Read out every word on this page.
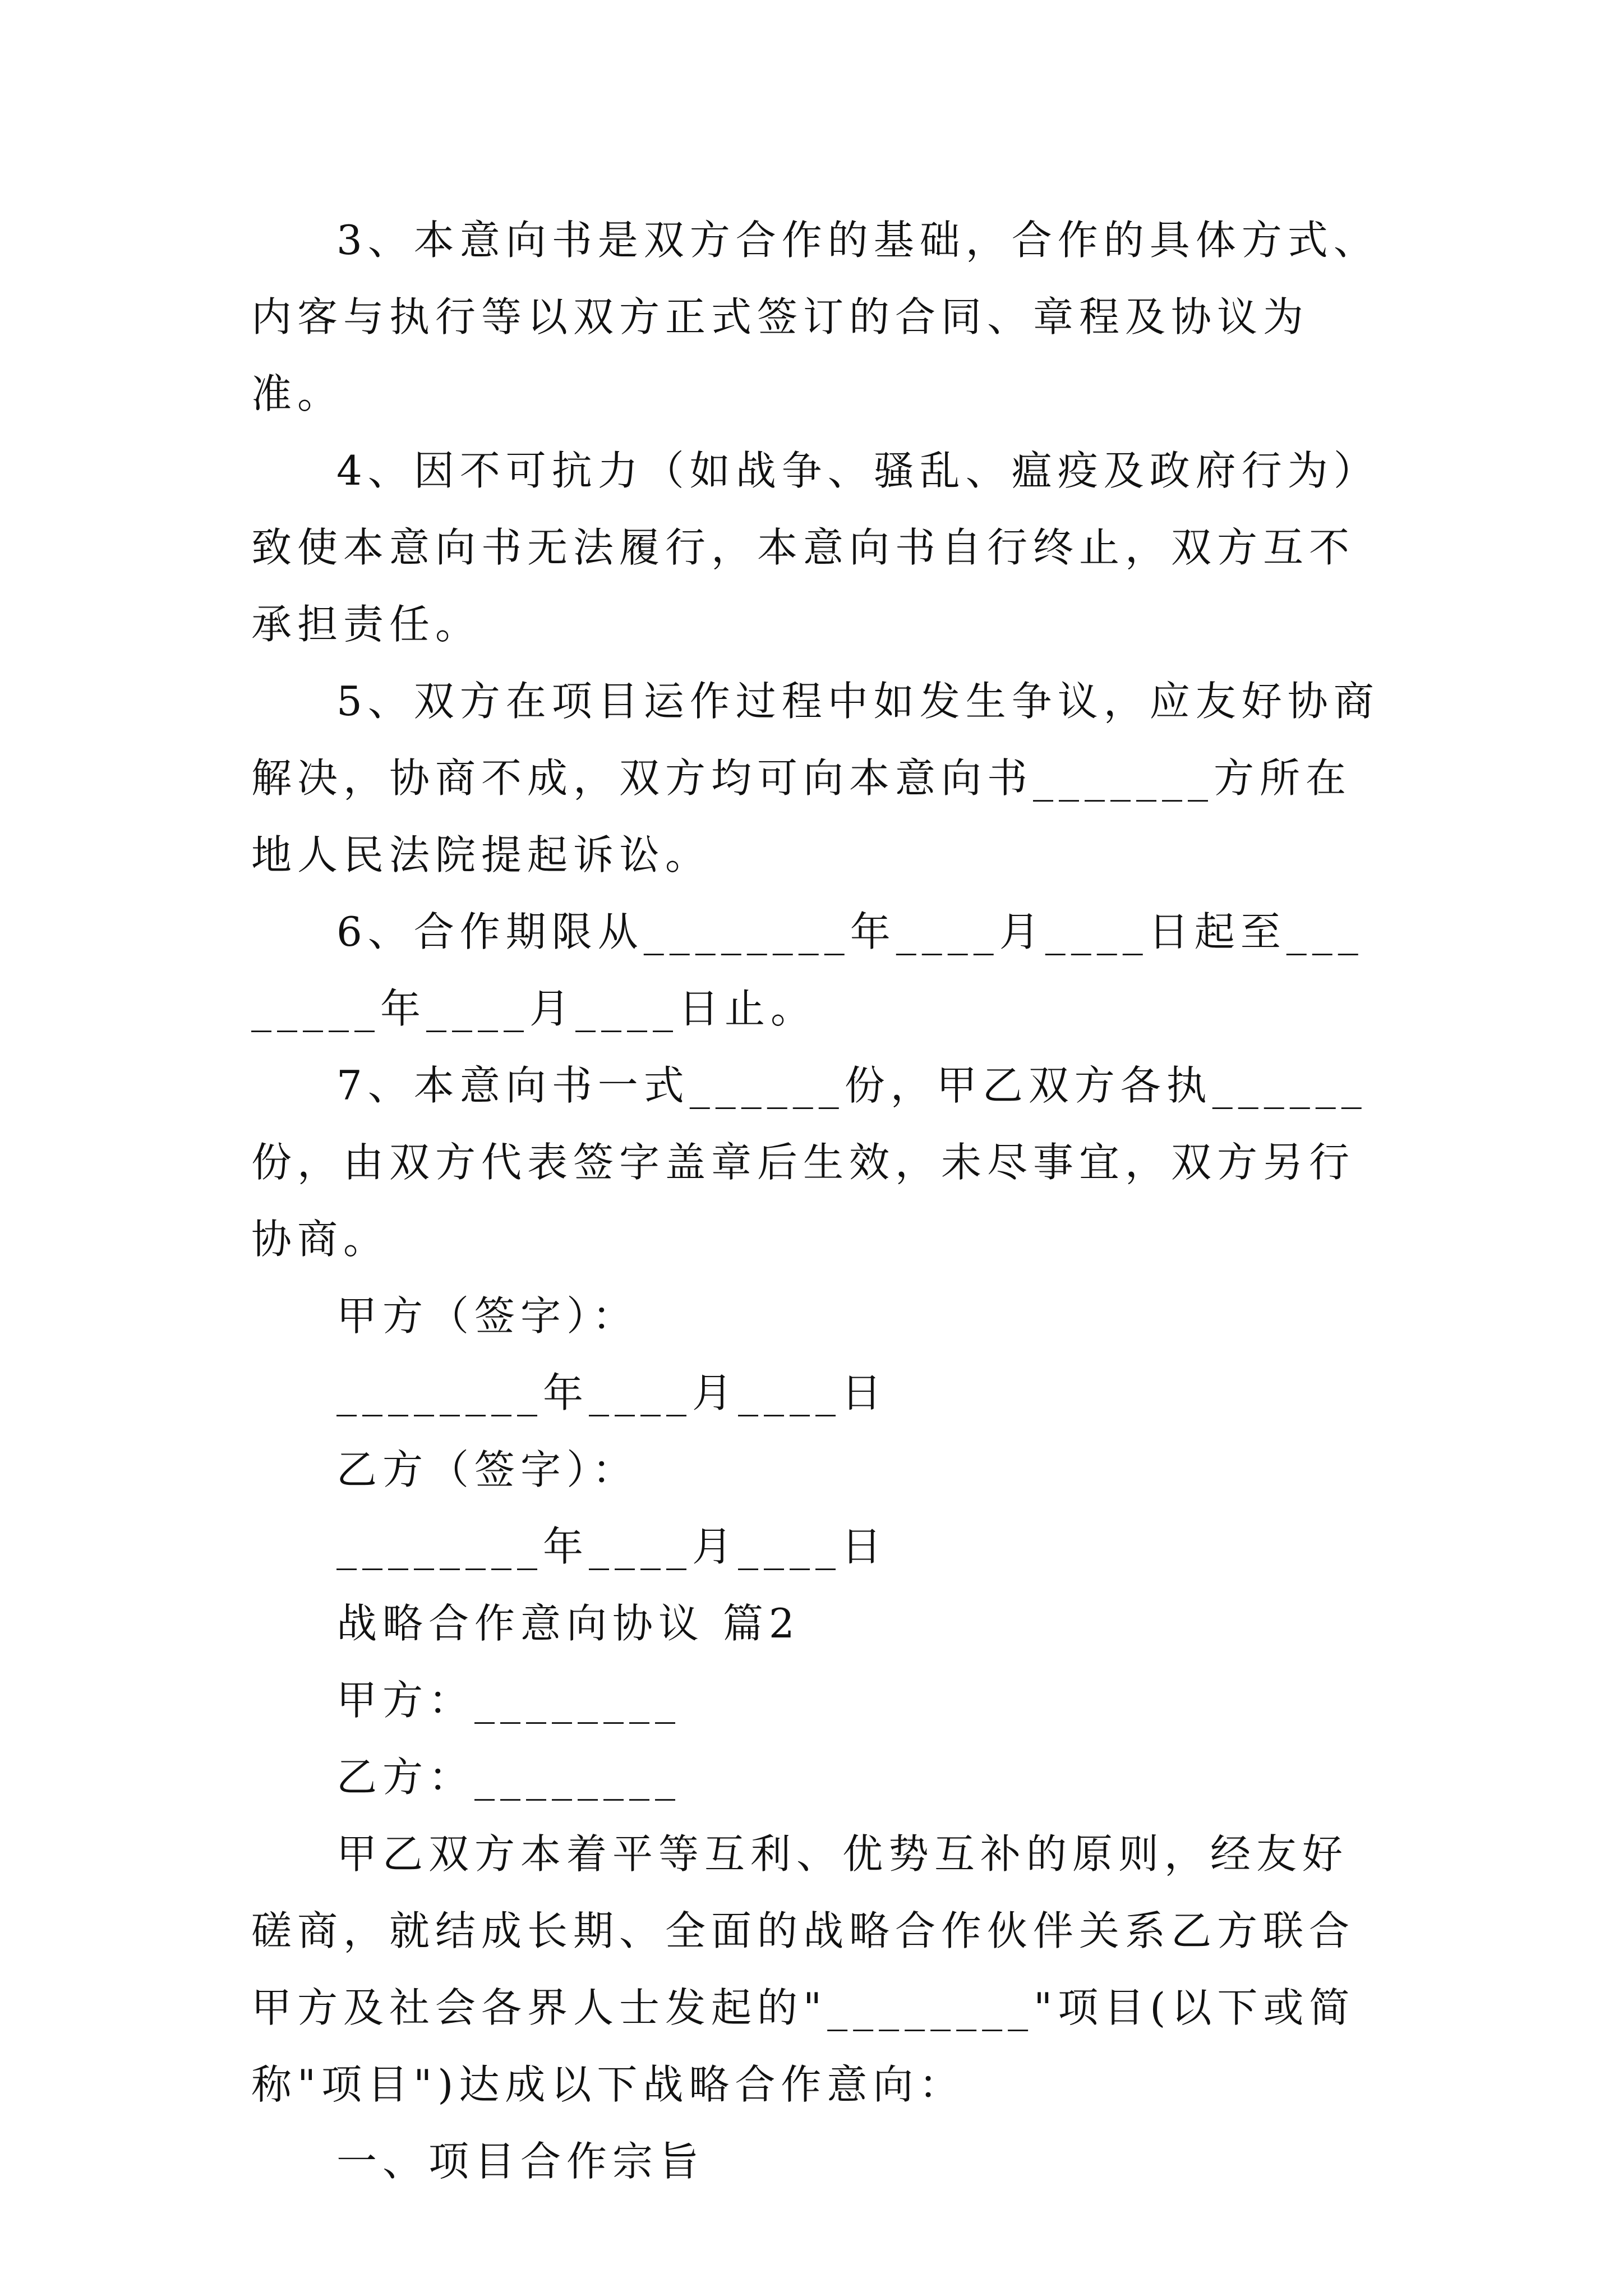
3、本意向书是双方合作的基础，合作的具体方式、内客与执行等以双方正式签订的合同、章程及协议为准。

4、因不可抗力（如战争、骚乱、瘟疫及政府行为）致使本意向书无法履行，本意向书自行终止，双方互不承担责任。

5、双方在项目运作过程中如发生争议，应友好协商解决，协商不成，双方均可向本意向书_______方所在地人民法院提起诉讼。

6、合作期限从________年____月____日起至________年____月____日止。

7、本意向书一式______份，甲乙双方各执______份，由双方代表签字盖章后生效，未尽事宜，双方另行协商。

甲方（签字）：

________年____月____日

乙方（签字）：

________年____月____日

战略合作意向协议 篇2

甲方：________

乙方：________

甲乙双方本着平等互利、优势互补的原则，经友好磋商，就结成长期、全面的战略合作伙伴关系乙方联合甲方及社会各界人士发起的"________"项目(以下或简称"项目")达成以下战略合作意向：

一、项目合作宗旨
